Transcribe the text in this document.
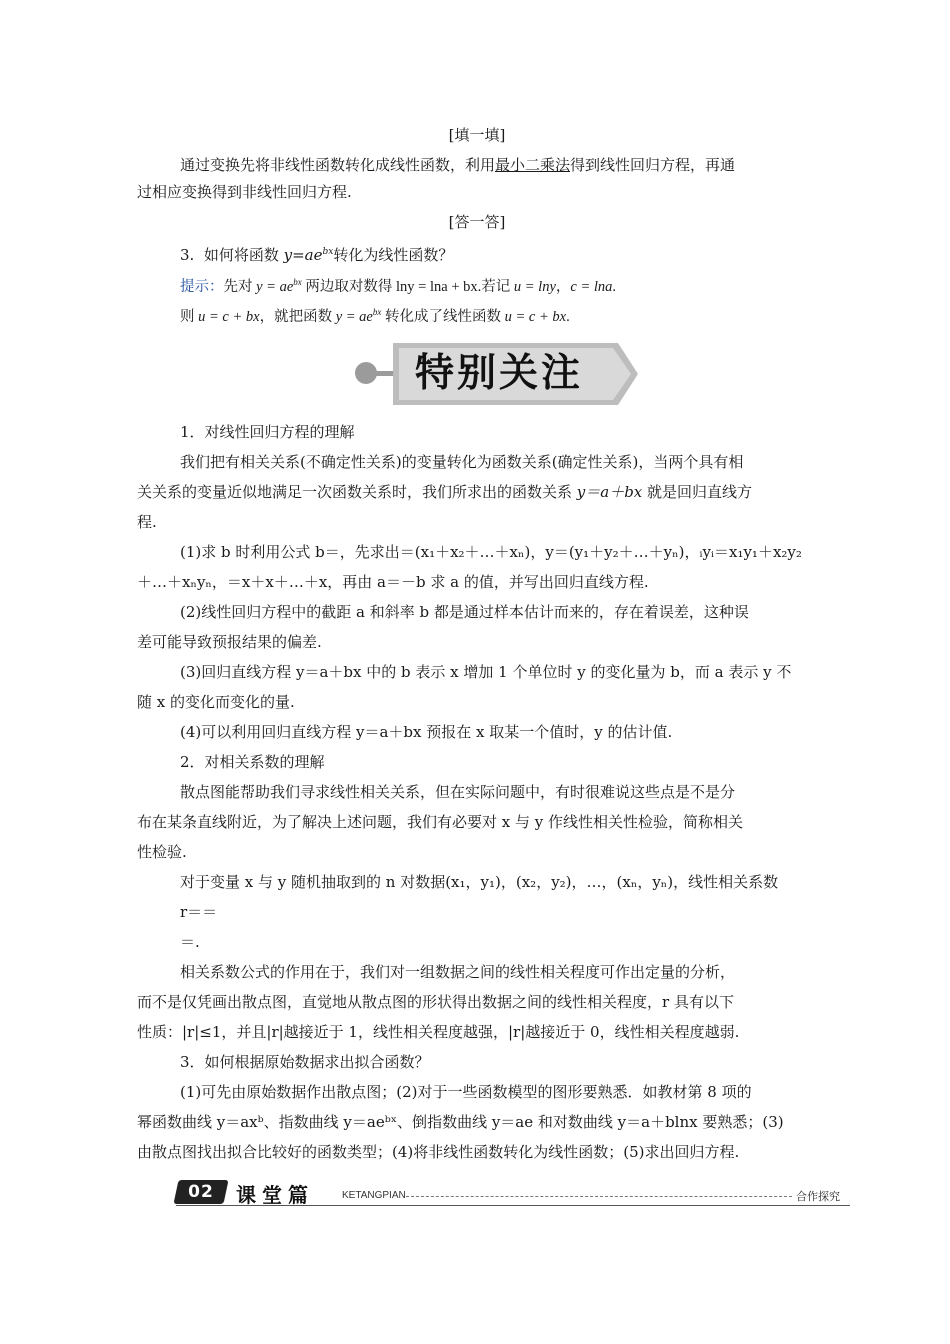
[填一填]
通过变换先将非线性函数转化成线性函数，利用最小二乘法得到线性回归方程，再通
过相应变换得到非线性回归方程.
[答一答]
3. 如何将函数 $y=ae^{bx}$转化为线性函数？
提示：先对 $y = ae^{bx}$ 两边取对数得 lny = lna + bx.若记 u = lny，c = lna.
则 u = c + bx，就把函数 $y = ae^{bx}$ 转化成了线性函数 u = c + bx.
特别关注
1．对线性回归方程的理解
我们把有相关关系(不确定性关系)的变量转化为函数关系(确定性关系)，当两个具有相
关关系的变量近似地满足一次函数关系时，我们所求出的函数关系 y＝a＋bx 就是回归直线方
程.
(1)求 b 时利用公式 b＝，先求出＝(x₁＋x₂＋…＋xₙ)，y＝(y₁＋y₂＋…＋yₙ)，ᵢyᵢ＝x₁y₁＋x₂y₂
＋…＋xₙyₙ，＝x＋x＋…＋x，再由 a＝－b 求 a 的值，并写出回归直线方程.
(2)线性回归方程中的截距 a 和斜率 b 都是通过样本估计而来的，存在着误差，这种误
差可能导致预报结果的偏差.
(3)回归直线方程 y＝a＋bx 中的 b 表示 x 增加 1 个单位时 y 的变化量为 b，而 a 表示 y 不
随 x 的变化而变化的量.
(4)可以利用回归直线方程 y＝a＋bx 预报在 x 取某一个值时，y 的估计值.
2．对相关系数的理解
散点图能帮助我们寻求线性相关关系，但在实际问题中，有时很难说这些点是不是分
布在某条直线附近，为了解决上述问题，我们有必要对 x 与 y 作线性相关性检验，简称相关
性检验.
对于变量 x 与 y 随机抽取到的 n 对数据(x₁，y₁)，(x₂，y₂)，…，(xₙ，yₙ)，线性相关系数
r＝＝
＝.
相关系数公式的作用在于，我们对一组数据之间的线性相关程度可作出定量的分析，
而不是仅凭画出散点图，直觉地从散点图的形状得出数据之间的线性相关程度，r 具有以下
性质：|r|≤1，并且|r|越接近于 1，线性相关程度越强，|r|越接近于 0，线性相关程度越弱.
3．如何根据原始数据求出拟合函数？
(1)可先由原始数据作出散点图；(2)对于一些函数模型的图形要熟悉．如教材第 8 项的
幂函数曲线 y＝axᵇ、指数曲线 y＝aeᵇˣ、倒指数曲线 y＝ae 和对数曲线 y＝a＋blnx 要熟悉；(3)
由散点图找出拟合比较好的函数类型；(4)将非线性函数转化为线性函数；(5)求出回归方程.
02	课堂篇	KETANGPIAN	合作探究
